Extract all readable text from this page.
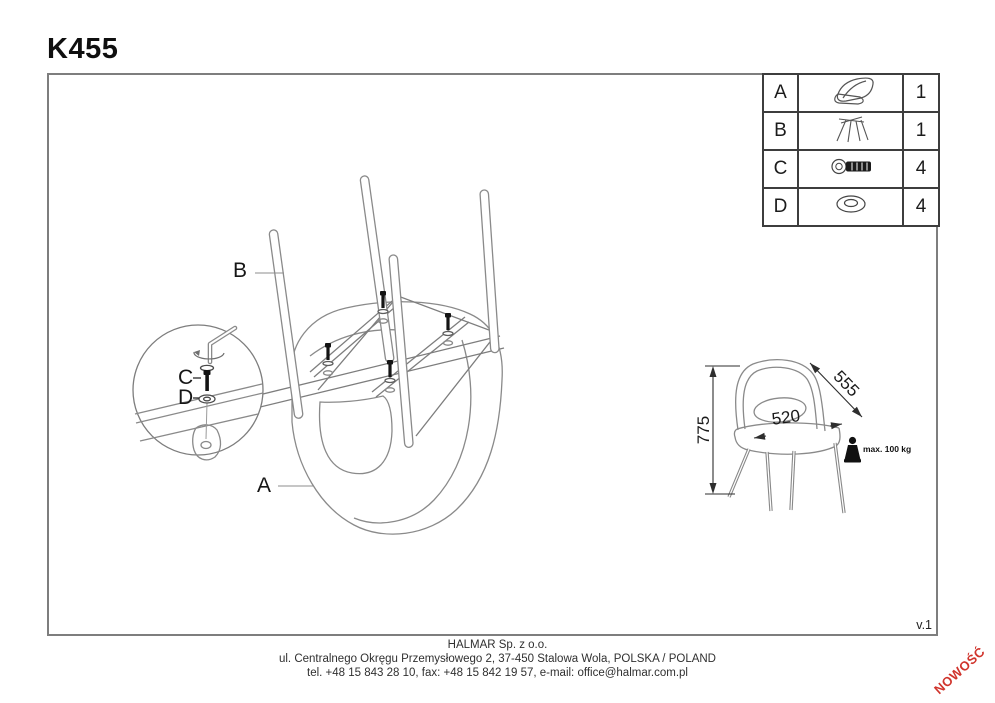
K455
B
A
C
D
775
555
520
max. 100 kg
A		1
B		1
C		4
D		4
v.1
HALMAR Sp. z o.o.
ul. Centralnego Okręgu Przemysłowego 2, 37-450 Stalowa Wola, POLSKA / POLAND
tel. +48 15 843 28 10, fax: +48 15 842 19 57, e-mail: office@halmar.com.pl	NOWOŚĆ
